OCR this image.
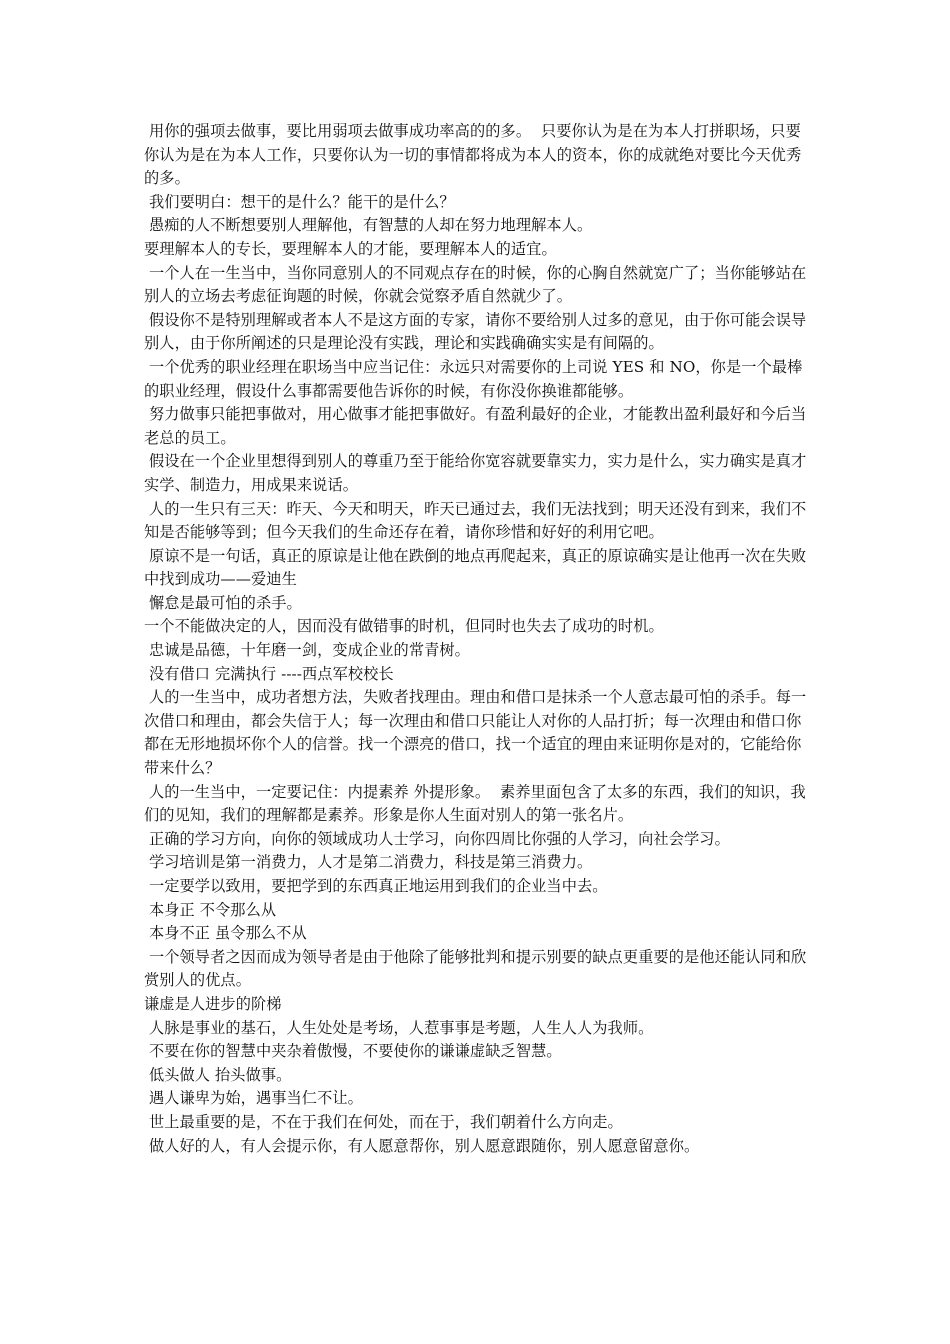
用你的强项去做事，要比用弱项去做事成功率高的的多。  只要你认为是在为本人打拼职场，只要你认为是在为本人工作，只要你认为一切的事情都将成为本人的资本，你的成就绝对要比今天优秀的多。

我们要明白：想干的是什么？能干的是什么？

愚痴的人不断想要别人理解他，有智慧的人却在努力地理解本人。

要理解本人的专长，要理解本人的才能，要理解本人的适宜。

一个人在一生当中，当你同意别人的不同观点存在的时候，你的心胸自然就宽广了；当你能够站在别人的立场去考虑征询题的时候，你就会觉察矛盾自然就少了。

假设你不是特别理解或者本人不是这方面的专家，请你不要给别人过多的意见，由于你可能会误导别人，由于你所阐述的只是理论没有实践，理论和实践确确实实是有间隔的。

一个优秀的职业经理在职场当中应当记住：永远只对需要你的上司说 YES 和 NO，你是一个最棒的职业经理，假设什么事都需要他告诉你的时候，有你没你换谁都能够。

努力做事只能把事做对，用心做事才能把事做好。有盈利最好的企业，才能教出盈利最好和今后当老总的员工。

假设在一个企业里想得到别人的尊重乃至于能给你宽容就要靠实力，实力是什么，实力确实是真才实学、制造力，用成果来说话。

人的一生只有三天：昨天、今天和明天，昨天已通过去，我们无法找到；明天还没有到来，我们不知是否能够等到；但今天我们的生命还存在着，请你珍惜和好好的利用它吧。

原谅不是一句话，真正的原谅是让他在跌倒的地点再爬起来，真正的原谅确实是让他再一次在失败中找到成功——爱迪生

懈怠是最可怕的杀手。

一个不能做决定的人，因而没有做错事的时机，但同时也失去了成功的时机。

忠诚是品德，十年磨一剑，变成企业的常青树。

没有借口 完满执行 ----西点军校校长

人的一生当中，成功者想方法，失败者找理由。理由和借口是抹杀一个人意志最可怕的杀手。每一次借口和理由，都会失信于人；每一次理由和借口只能让人对你的人品打折；每一次理由和借口你都在无形地损坏你个人的信誉。找一个漂亮的借口，找一个适宜的理由来证明你是对的，它能给你带来什么？

人的一生当中，一定要记住：内提素养 外提形象。  素养里面包含了太多的东西，我们的知识，我们的见知，我们的理解都是素养。形象是你人生面对别人的第一张名片。

正确的学习方向，向你的领域成功人士学习，向你四周比你强的人学习，向社会学习。

学习培训是第一消费力，人才是第二消费力，科技是第三消费力。

一定要学以致用，要把学到的东西真正地运用到我们的企业当中去。

本身正 不令那么从

本身不正 虽令那么不从

一个领导者之因而成为领导者是由于他除了能够批判和提示别要的缺点更重要的是他还能认同和欣赏别人的优点。

谦虚是人进步的阶梯

人脉是事业的基石，人生处处是考场，人惹事事是考题，人生人人为我师。

不要在你的智慧中夹杂着傲慢，不要使你的谦谦虚缺乏智慧。

低头做人 抬头做事。

遇人谦卑为始，遇事当仁不让。

世上最重要的是，不在于我们在何处，而在于，我们朝着什么方向走。

做人好的人，有人会提示你，有人愿意帮你，别人愿意跟随你，别人愿意留意你。
